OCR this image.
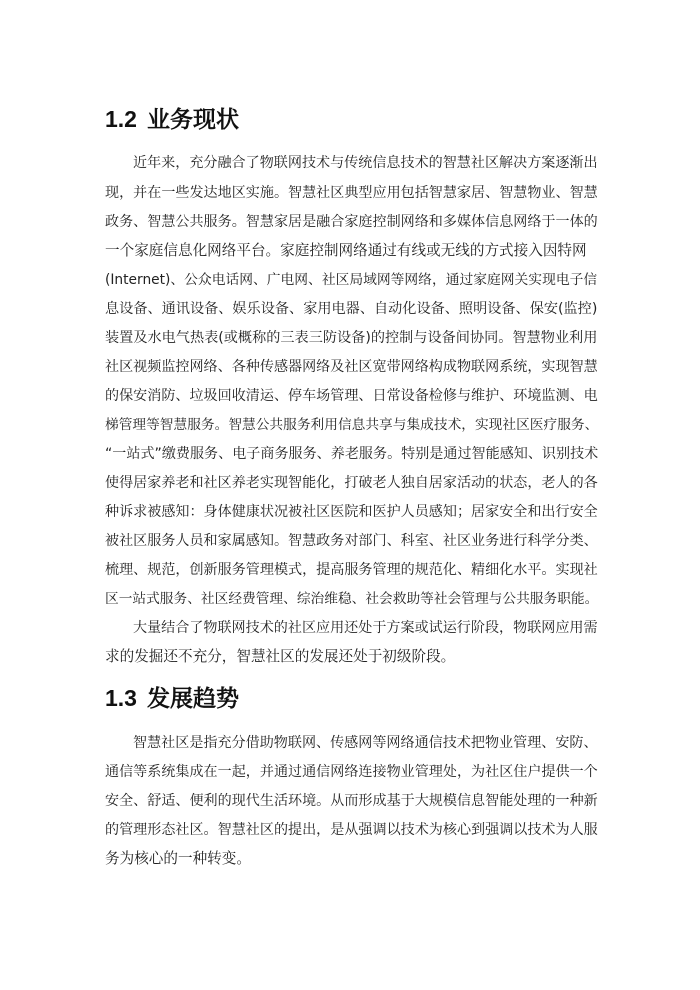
1.2 业务现状

近年来，充分融合了物联网技术与传统信息技术的智慧社区解决方案逐渐出

现，并在一些发达地区实施。智慧社区典型应用包括智慧家居、智慧物业、智慧

政务、智慧公共服务。智慧家居是融合家庭控制网络和多媒体信息网络于一体的

一个家庭信息化网络平台。家庭控制网络通过有线或无线的方式接入因特网

(Internet)、公众电话网、广电网、社区局域网等网络，通过家庭网关实现电子信

息设备、通讯设备、娱乐设备、家用电器、自动化设备、照明设备、保安(监控)

装置及水电气热表(或概称的三表三防设备)的控制与设备间协同。智慧物业利用

社区视频监控网络、各种传感器网络及社区宽带网络构成物联网系统，实现智慧

的保安消防、垃圾回收清运、停车场管理、日常设备检修与维护、环境监测、电

梯管理等智慧服务。智慧公共服务利用信息共享与集成技术，实现社区医疗服务、

“一站式”缴费服务、电子商务服务、养老服务。特别是通过智能感知、识别技术

使得居家养老和社区养老实现智能化，打破老人独自居家活动的状态，老人的各

种诉求被感知：身体健康状况被社区医院和医护人员感知；居家安全和出行安全

被社区服务人员和家属感知。智慧政务对部门、科室、社区业务进行科学分类、

梳理、规范，创新服务管理模式，提高服务管理的规范化、精细化水平。实现社

区一站式服务、社区经费管理、综治维稳、社会救助等社会管理与公共服务职能。

大量结合了物联网技术的社区应用还处于方案或试运行阶段，物联网应用需

求的发掘还不充分，智慧社区的发展还处于初级阶段。

1.3 发展趋势

智慧社区是指充分借助物联网、传感网等网络通信技术把物业管理、安防、

通信等系统集成在一起，并通过通信网络连接物业管理处，为社区住户提供一个

安全、舒适、便利的现代生活环境。从而形成基于大规模信息智能处理的一种新

的管理形态社区。智慧社区的提出，是从强调以技术为核心到强调以技术为人服

务为核心的一种转变。
